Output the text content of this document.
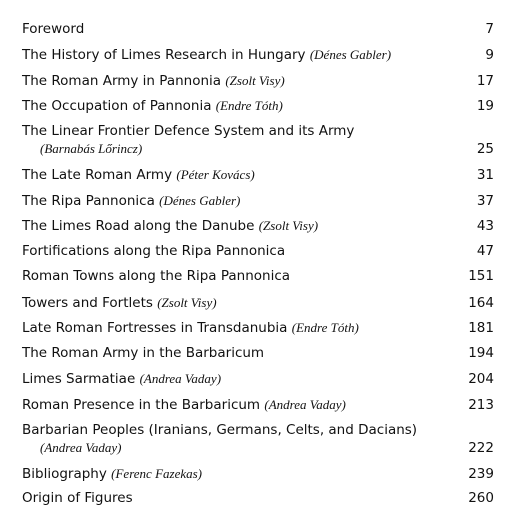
Foreword	7
The History of Limes Research in Hungary (Dénes Gabler)	9
The Roman Army in Pannonia (Zsolt Visy)	17
The Occupation of Pannonia (Endre Tóth)	19
The Linear Frontier Defence System and its Army
(Barnabás Lőrincz)	25
The Late Roman Army (Péter Kovács)	31
The Ripa Pannonica (Dénes Gabler)	37
The Limes Road along the Danube (Zsolt Visy)	43
Fortifications along the Ripa Pannonica	47
Roman Towns along the Ripa Pannonica	151
Towers and Fortlets (Zsolt Visy)	164
Late Roman Fortresses in Transdanubia (Endre Tóth)	181
The Roman Army in the Barbaricum	194
Limes Sarmatiae (Andrea Vaday)	204
Roman Presence in the Barbaricum (Andrea Vaday)	213
Barbarian Peoples (Iranians, Germans, Celts, and Dacians)
(Andrea Vaday)	222
Bibliography (Ferenc Fazekas)	239
Origin of Figures	260
